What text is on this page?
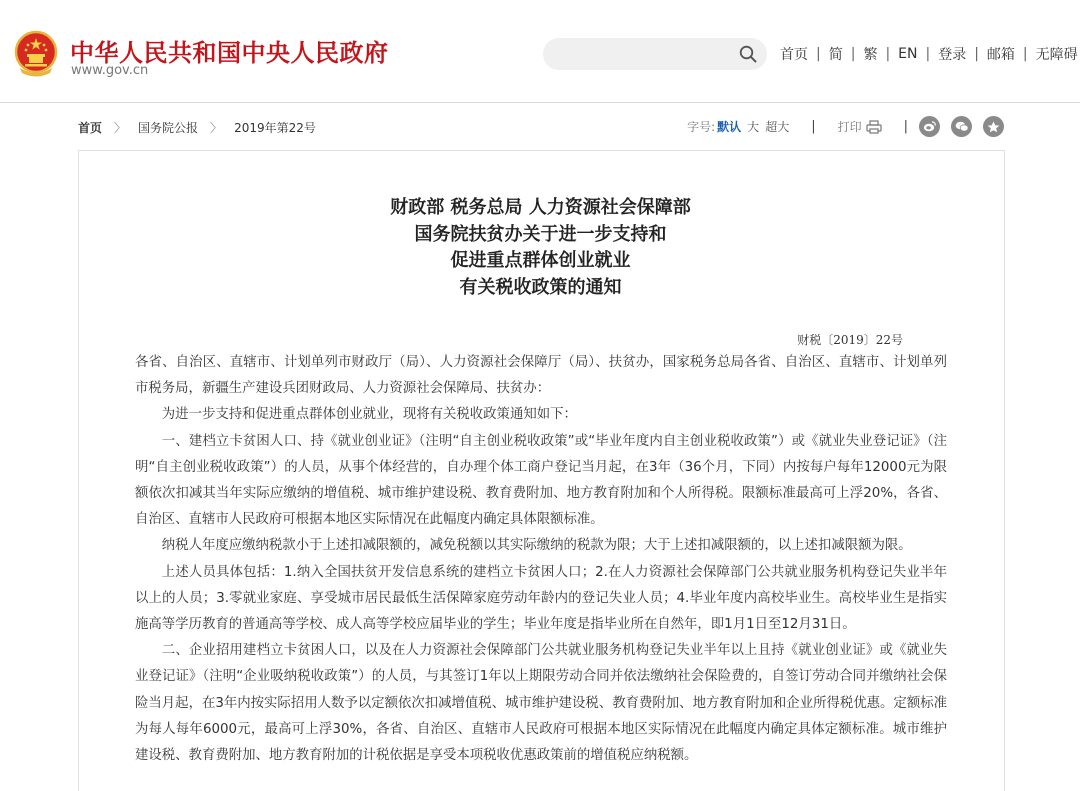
中华人民共和国中央人民政府
www.gov.cn
首页 | 简 | 繁 | EN | 登录 | 邮箱 | 无障碍
首页 〉 国务院公报 〉 2019年第22号	字号: 默认 大 超大 | 打印	|
财政部 税务总局 人力资源社会保障部
国务院扶贫办关于进一步支持和
促进重点群体创业就业
有关税收政策的通知
财税〔2019〕22号

各省、自治区、直辖市、计划单列市财政厅（局）、人力资源社会保障厅（局）、扶贫办，国家税务总局各省、自治区、直辖市、计划单列市税务局，新疆生产建设兵团财政局、人力资源社会保障局、扶贫办：

为进一步支持和促进重点群体创业就业，现将有关税收政策通知如下：

一、建档立卡贫困人口、持《就业创业证》（注明“自主创业税收政策”或“毕业年度内自主创业税收政策”）或《就业失业登记证》（注明“自主创业税收政策”）的人员，从事个体经营的，自办理个体工商户登记当月起，在3年（36个月，下同）内按每户每年12000元为限额依次扣减其当年实际应缴纳的增值税、城市维护建设税、教育费附加、地方教育附加和个人所得税。限额标准最高可上浮20%，各省、自治区、直辖市人民政府可根据本地区实际情况在此幅度内确定具体限额标准。

纳税人年度应缴纳税款小于上述扣减限额的，减免税额以其实际缴纳的税款为限；大于上述扣减限额的，以上述扣减限额为限。

上述人员具体包括：1.纳入全国扶贫开发信息系统的建档立卡贫困人口；2.在人力资源社会保障部门公共就业服务机构登记失业半年以上的人员；3.零就业家庭、享受城市居民最低生活保障家庭劳动年龄内的登记失业人员；4.毕业年度内高校毕业生。高校毕业生是指实施高等学历教育的普通高等学校、成人高等学校应届毕业的学生；毕业年度是指毕业所在自然年，即1月1日至12月31日。

二、企业招用建档立卡贫困人口，以及在人力资源社会保障部门公共就业服务机构登记失业半年以上且持《就业创业证》或《就业失业登记证》（注明“企业吸纳税收政策”）的人员，与其签订1年以上期限劳动合同并依法缴纳社会保险费的，自签订劳动合同并缴纳社会保险当月起，在3年内按实际招用人数予以定额依次扣减增值税、城市维护建设税、教育费附加、地方教育附加和企业所得税优惠。定额标准为每人每年6000元，最高可上浮30%，各省、自治区、直辖市人民政府可根据本地区实际情况在此幅度内确定具体定额标准。城市维护建设税、教育费附加、地方教育附加的计税依据是享受本项税收优惠政策前的增值税应纳税额。
